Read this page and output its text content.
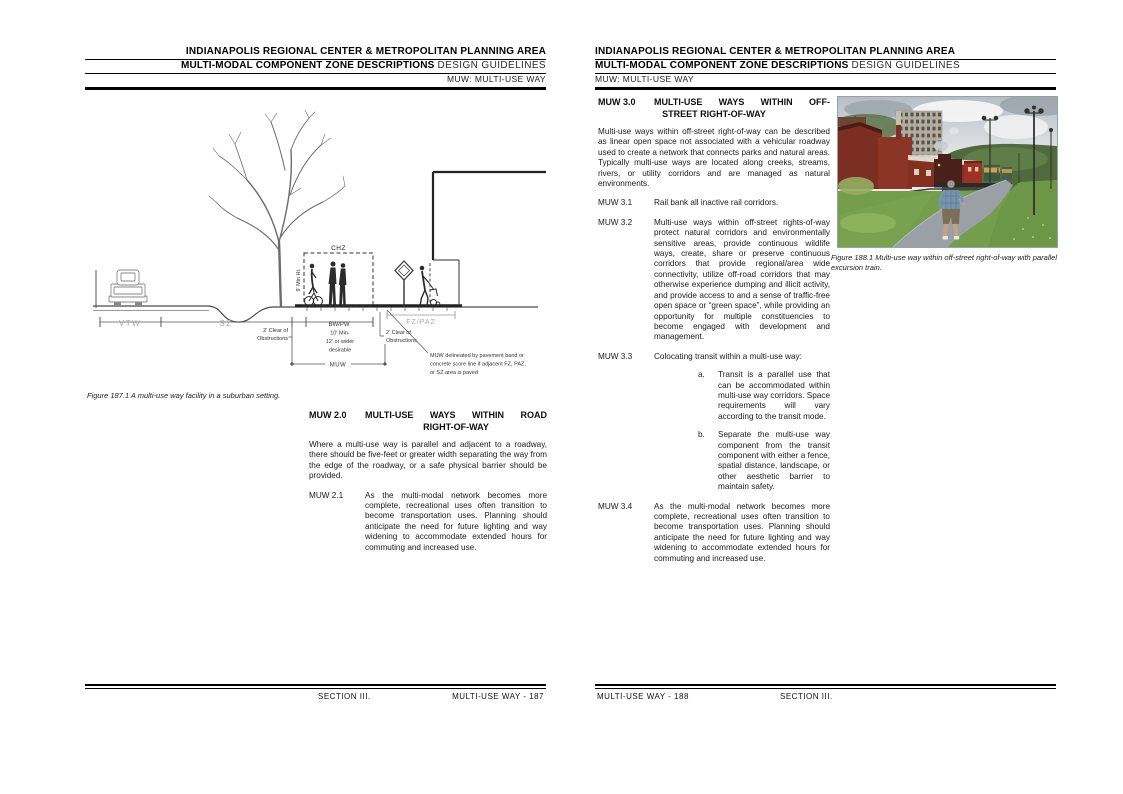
INDIANAPOLIS REGIONAL CENTER & METROPOLITAN PLANNING AREA
MULTI-MODAL COMPONENT ZONE DESCRIPTIONS DESIGN GUIDELINES
MUW: MULTI-USE WAY
CHZ
9' Min Ht.
VTW	SZ	FZ/PAZ
BW/PW
10' Min-
12' or wider
desirable
2' Clear of
Obstructions
2' Clear of
Obstructions
MUW
MUW delineated by pavement band or
concrete score line if adjacent FZ, PAZ,
or SZ area is paved
Figure 187.1 A multi-use way facility in a suburban setting.
MUW 2.0	MULTI-USE WAYS WITHIN ROAD
RIGHT-OF-WAY
Where a multi-use way is parallel and adjacent to a roadway, there should be five-feet or greater width separating the way from the edge of the roadway, or a safe physical barrier should be provided.
MUW 2.1	As the multi-modal network becomes more complete, recreational uses often transition to become transportation uses. Planning should anticipate the need for future lighting and way widening to accommodate extended hours for commuting and increased use.
SECTION III.	MULTI-USE WAY - 187
INDIANAPOLIS REGIONAL CENTER & METROPOLITAN PLANNING AREA
MULTI-MODAL COMPONENT ZONE DESCRIPTIONS DESIGN GUIDELINES
MUW: MULTI-USE WAY
MUW 3.0	MULTI-USE WAYS WITHIN OFF-
STREET RIGHT-OF-WAY
Multi-use ways within off-street right-of-way can be described as linear open space not associated with a vehicular roadway used to create a network that connects parks and natural areas. Typically multi-use ways are located along creeks, streams, rivers, or utility corridors and are managed as natural environments.
MUW 3.1	Rail bank all inactive rail corridors.
MUW 3.2	Multi-use ways within off-street rights-of-way protect natural corridors and environmentally sensitive areas, provide continuous wildlife ways, create, share or preserve continuous corridors that provide regional/area wide connectivity, utilize off-road corridors that may otherwise experience dumping and illicit activity, and provide access to and a sense of traffic-free open space or “green space”, while providing an opportunity for multiple constituencies to become engaged with development and management.
MUW 3.3	Colocating transit within a multi-use way:
a.	Transit is a parallel use that can be accommodated within multi-use way corridors. Space requirements will vary according to the transit mode.
b.	Separate the multi-use way component from the transit component with either a fence, spatial distance, landscape, or other aesthetic barrier to maintain safety.
MUW 3.4	As the multi-modal network becomes more complete, recreational uses often transition to become transportation uses. Planning should anticipate the need for future lighting and way widening to accommodate extended hours for commuting and increased use.
Figure 188.1 Multi-use way within off-street right-of-way with parallel excursion train.
MULTI-USE WAY - 188	SECTION III.
